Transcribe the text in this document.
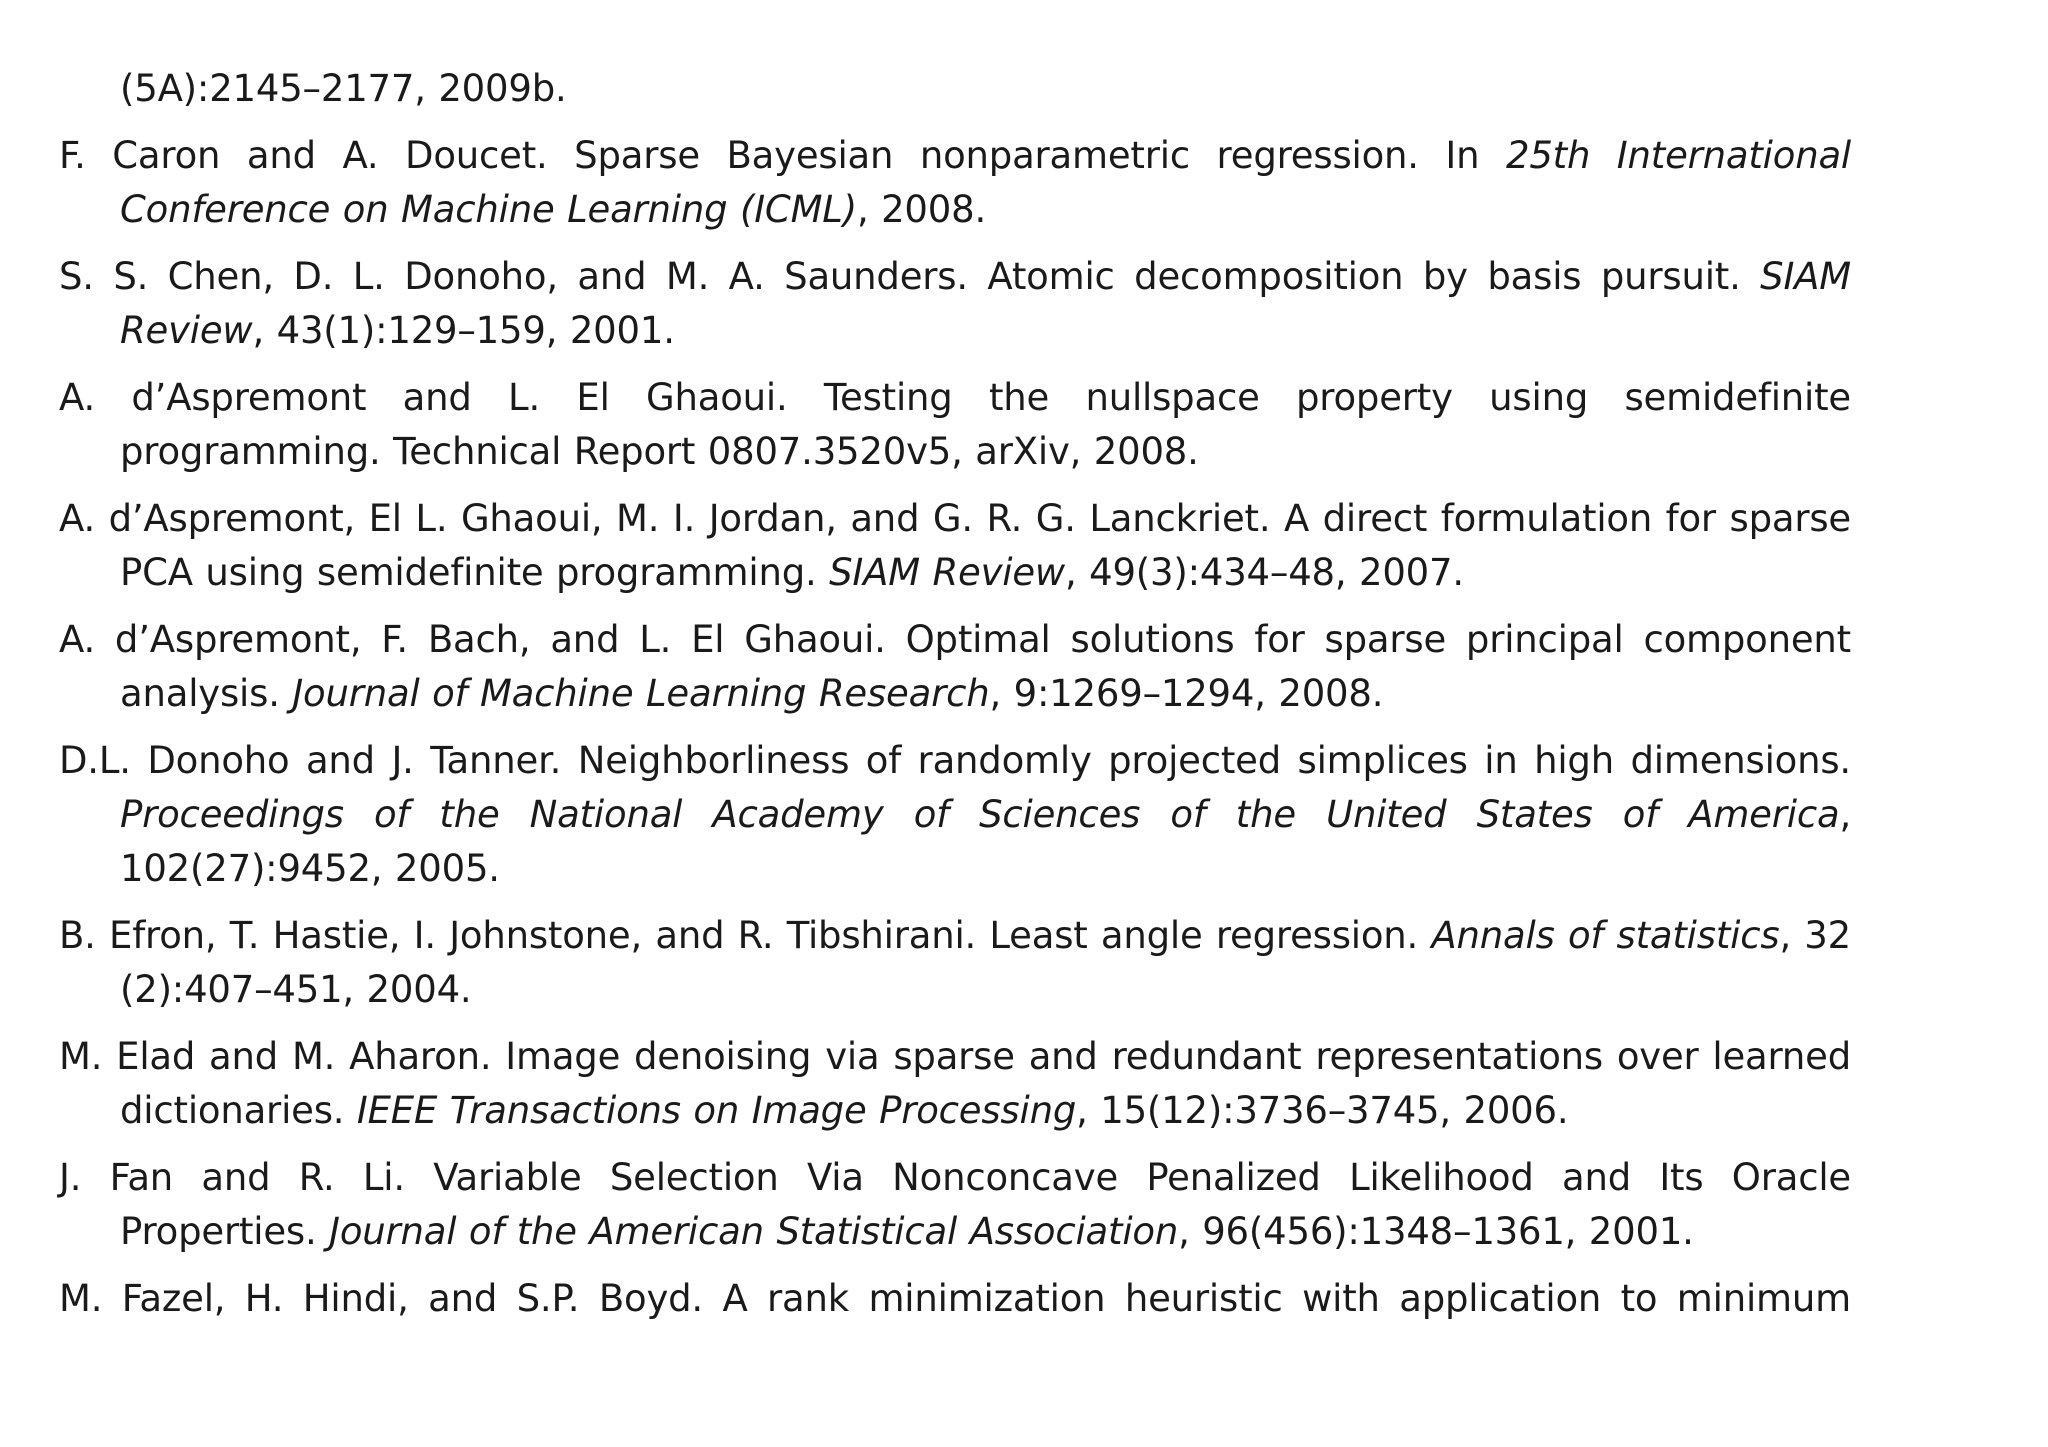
(5A):2145–2177, 2009b.

F. Caron and A. Doucet. Sparse Bayesian nonparametric regression. In 25th International Conference on Machine Learning (ICML), 2008.

S. S. Chen, D. L. Donoho, and M. A. Saunders. Atomic decomposition by basis pursuit. SIAM Review, 43(1):129–159, 2001.

A. d’Aspremont and L. El Ghaoui. Testing the nullspace property using semidefinite programming. Technical Report 0807.3520v5, arXiv, 2008.

A. d’Aspremont, El L. Ghaoui, M. I. Jordan, and G. R. G. Lanckriet. A direct formulation for sparse PCA using semidefinite programming. SIAM Review, 49(3):434–48, 2007.

A. d’Aspremont, F. Bach, and L. El Ghaoui. Optimal solutions for sparse principal component analysis. Journal of Machine Learning Research, 9:1269–1294, 2008.

D.L. Donoho and J. Tanner. Neighborliness of randomly projected simplices in high dimensions. Proceedings of the National Academy of Sciences of the United States of America, 102(27):9452, 2005.

B. Efron, T. Hastie, I. Johnstone, and R. Tibshirani. Least angle regression. Annals of statistics, 32 (2):407–451, 2004.

M. Elad and M. Aharon. Image denoising via sparse and redundant representations over learned dictionaries. IEEE Transactions on Image Processing, 15(12):3736–3745, 2006.

J. Fan and R. Li. Variable Selection Via Nonconcave Penalized Likelihood and Its Oracle Properties. Journal of the American Statistical Association, 96(456):1348–1361, 2001.

M. Fazel, H. Hindi, and S.P. Boyd. A rank minimization heuristic with application to minimum
